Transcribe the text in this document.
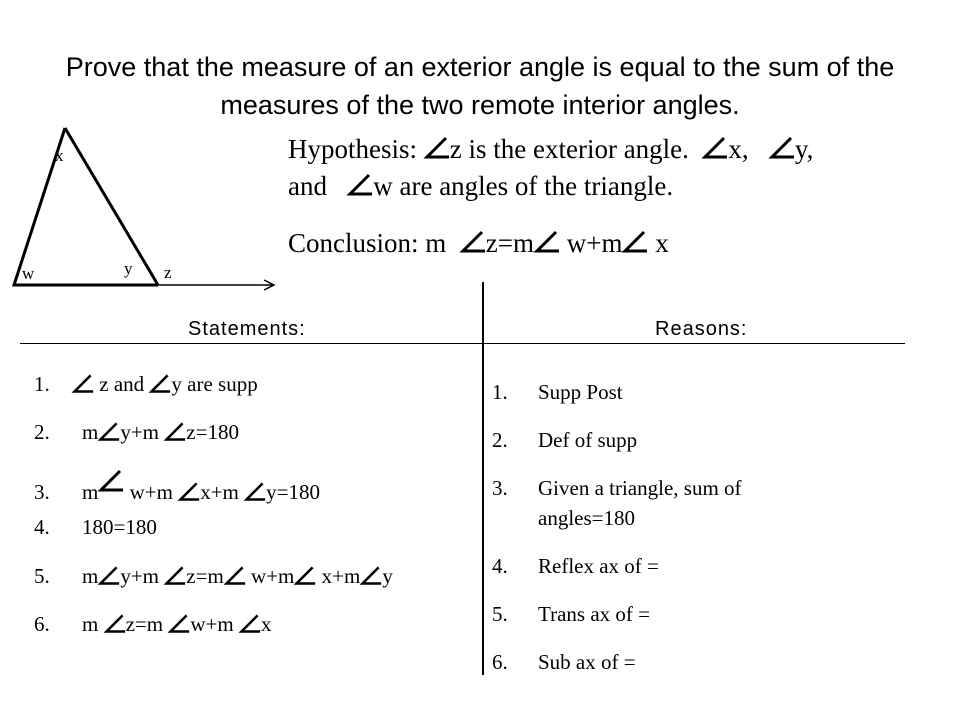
Prove that the measure of an exterior angle is equal to the sum of the
measures of the two remote interior angles.
x
w	y z
Hypothesis: z is the exterior angle. x, y,
and w are angles of the triangle.
Conclusion: m z=m w+m x
Statements:	Reasons:
1. z and y are supp
2. m y+m z=180
3. m w+m x+m y=180
4. 180=180
5. m y+m z=m w+m x+m y
6. m z=m w+m x
1. Supp Post
2. Def of supp
3. Given a triangle, sum of
angles=180
4. Reflex ax of =
5. Trans ax of =
6. Sub ax of =
